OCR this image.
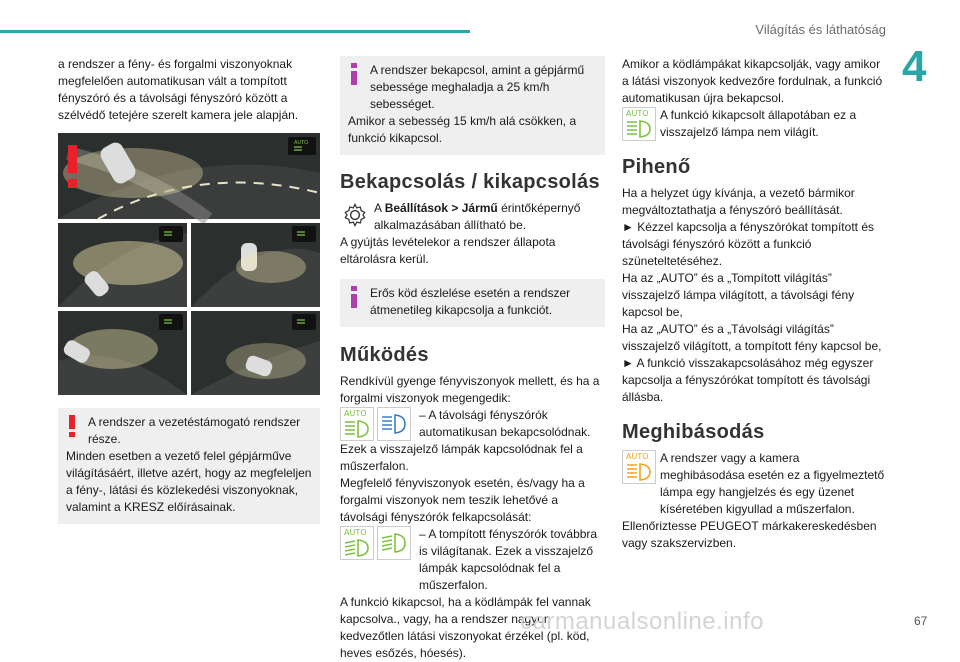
Világítás és láthatóság
4

a rendszer a fény- és forgalmi viszonyoknak megfelelően automatikusan vált a tompított fényszóró és a távolsági fényszóró között a szélvédő tetejére szerelt kamera jele alapján.

AUTO

A rendszer a vezetéstámogató rendszer része.

Minden esetben a vezető felel gépjárműve világításáért, illetve azért, hogy az megfeleljen a fény-, látási és közlekedési viszonyoknak, valamint a KRESZ előírásainak.

A rendszer bekapcsol, amint a gépjármű sebessége meghaladja a 25 km/h sebességet.

Amikor a sebesség 15 km/h alá csökken, a funkció kikapcsol.

Bekapcsolás / kikapcsolás

A Beállítások > Jármű érintőképernyő alkalmazásában állítható be.

A gyújtás levételekor a rendszer állapota eltárolásra kerül.

Erős köd észlelése esetén a rendszer átmenetileg kikapcsolja a funkciót.

Működés

Rendkívül gyenge fényviszonyok mellett, és ha a forgalmi viszonyok megengedik:

AUTO	– A távolsági fényszórók automatikusan bekapcsolódnak.

Ezek a visszajelző lámpák kapcsolódnak fel a műszerfalon.

Megfelelő fényviszonyok esetén, és/vagy ha a forgalmi viszonyok nem teszik lehetővé a távolsági fényszórók felkapcsolását:

AUTO	– A tompított fényszórók továbbra is világítanak. Ezek a visszajelző lámpák kapcsolódnak fel a műszerfalon.

A funkció kikapcsol, ha a ködlámpák fel vannak kapcsolva., vagy, ha a rendszer nagyon kedvezőtlen látási viszonyokat érzékel (pl. köd, heves esőzés, hóesés).

Amikor a ködlámpákat kikapcsolják, vagy amikor a látási viszonyok kedvezőre fordulnak, a funkció automatikusan újra bekapcsol.

AUTO A funkció kikapcsolt állapotában ez a visszajelző lámpa nem világít.

Pihenő

Ha a helyzet úgy kívánja, a vezető bármikor megváltoztathatja a fényszóró beállítását.

► Kézzel kapcsolja a fényszórókat tompított és távolsági fényszóró között a funkció szüneteltetéséhez.

Ha az „AUTO” és a „Tompított világítás” visszajelző lámpa világított, a távolsági fény kapcsol be,

Ha az „AUTO” és a „Távolsági világítás” visszajelző világított, a tompított fény kapcsol be,

► A funkció visszakapcsolásához még egyszer kapcsolja a fényszórókat tompított és távolsági állásba.

Meghibásodás
AUTO A rendszer vagy a kamera meghibásodása esetén ez a figyelmeztető lámpa egy hangjelzés és egy üzenet kíséretében kigyullad a műszerfalon.

Ellenőriztesse PEUGEOT márkakereskedésben vagy szakszervizben.

carmanualsonline.info	67
